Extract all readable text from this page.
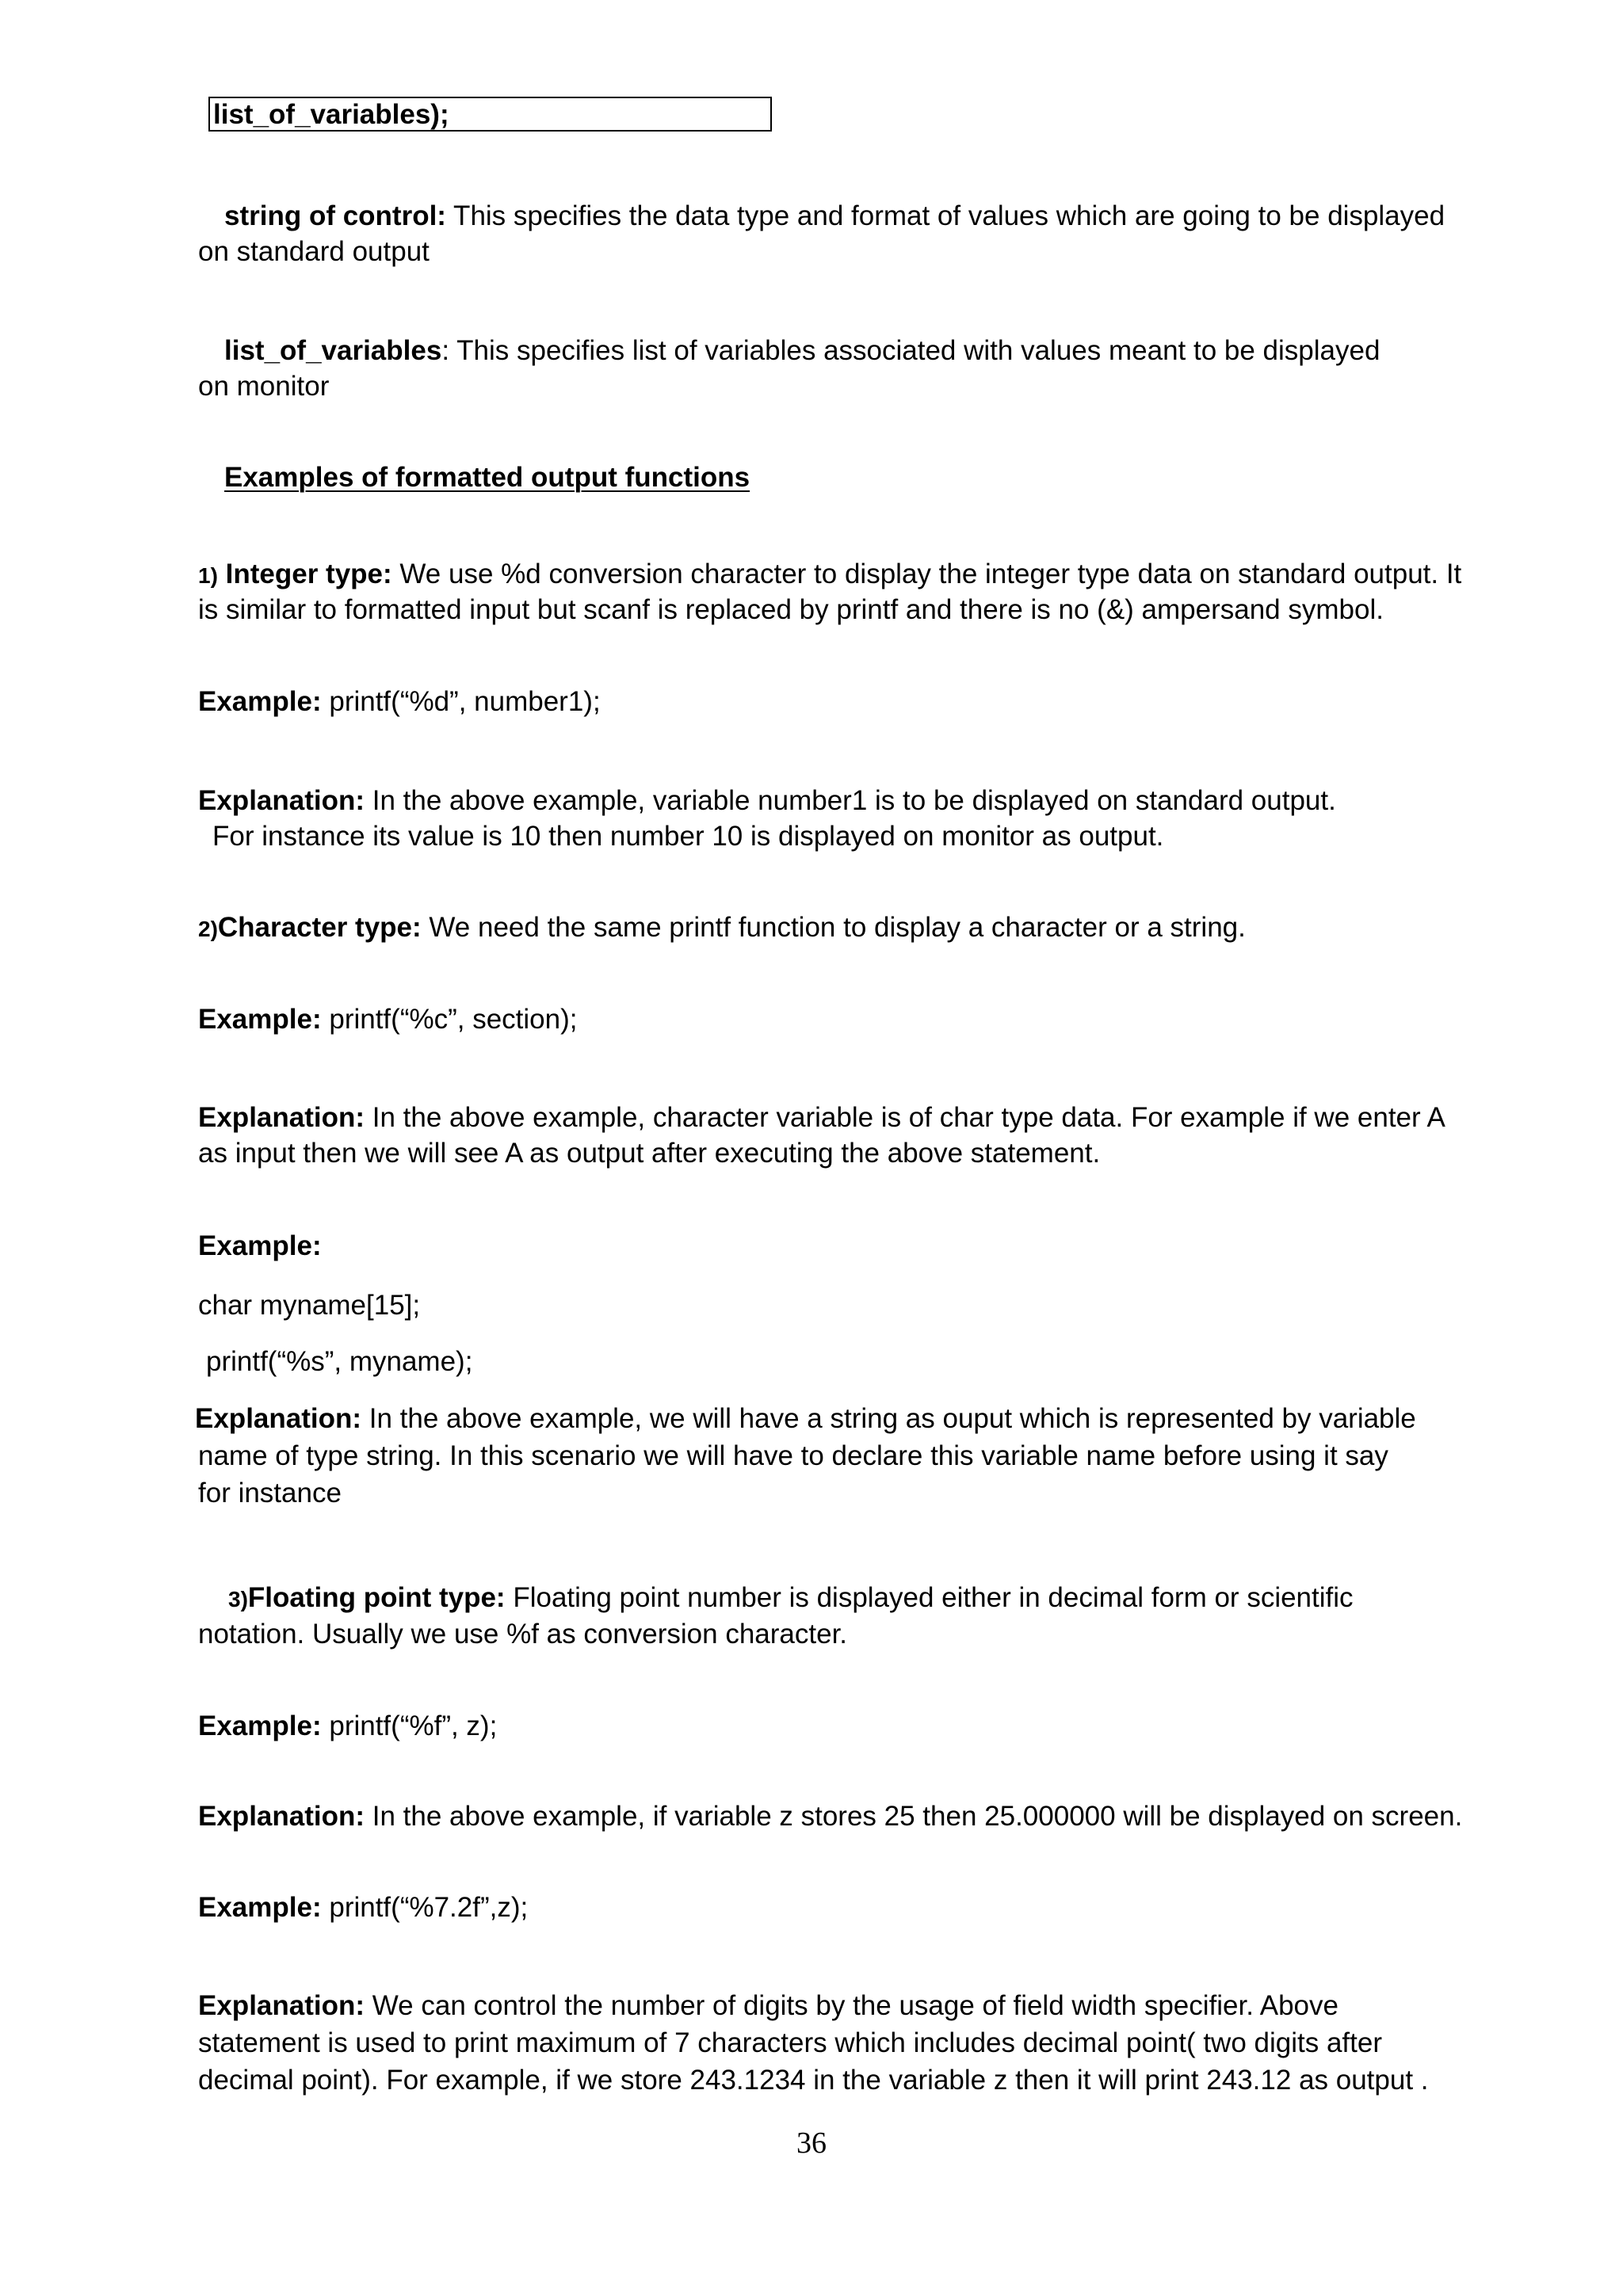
list_of_variables);
string of control: This specifies the data type and format of values which are going to be displayed
on standard output
list_of_variables: This specifies list of variables associated with values meant to be displayed
on monitor
Examples of formatted output functions
1) Integer type: We use %d conversion character to display the integer type data on standard output. It
is similar to formatted input but scanf is replaced by printf and there is no (&) ampersand symbol.
Example: printf(“%d”, number1);
Explanation: In the above example, variable number1 is to be displayed on standard output.
For instance its value is 10 then number 10 is displayed on monitor as output.
2)Character type: We need the same printf function to display a character or a string.
Example: printf(“%c”, section);
Explanation: In the above example, character variable is of char type data. For example if we enter A
as input then we will see A as output after executing the above statement.
Example:
char myname[15];
printf(“%s”, myname);
Explanation: In the above example, we will have a string as ouput which is represented by variable
name of type string. In this scenario we will have to declare this variable name before using it say
for instance
3)Floating point type: Floating point number is displayed either in decimal form or scientific
notation. Usually we use %f as conversion character.
Example: printf(“%f”, z);
Explanation: In the above example, if variable z stores 25 then 25.000000 will be displayed on screen.
Example: printf(“%7.2f”,z);
Explanation: We can control the number of digits by the usage of field width specifier. Above
statement is used to print maximum of 7 characters which includes decimal point( two digits after
decimal point). For example, if we store 243.1234 in the variable z then it will print 243.12 as output .
36
